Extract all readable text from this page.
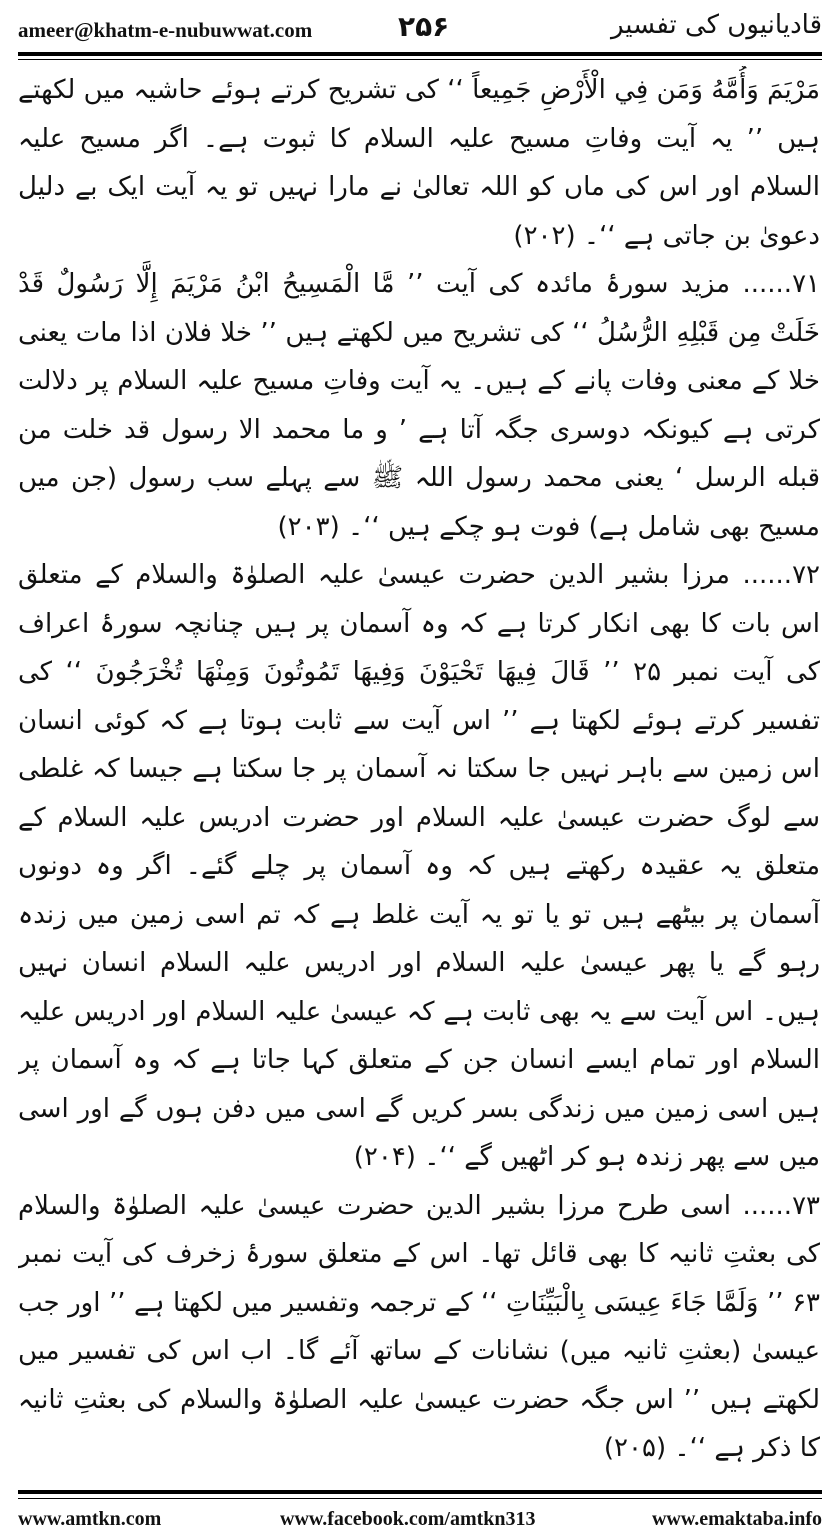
ameer@khatm-e-nubuwwat.com	۲۵۶	قادیانیوں کی تفسیر

مَرْيَمَ وَأُمَّهُ وَمَن فِي الْأَرْضِ جَمِيعاً ‘‘ کی تشریح کرتے ہوئے حاشیہ میں لکھتے ہیں ’’ یہ آیت وفاتِ مسیح علیہ السلام کا ثبوت ہے۔ اگر مسیح علیہ السلام اور اس کی ماں کو اللہ تعالیٰ نے مارا نہیں تو یہ آیت ایک بے دلیل دعویٰ بن جاتی ہے ‘‘۔ (۲۰۲)

۷۱...... مزید سورۂ مائدہ کی آیت ’’ مَّا الْمَسِيحُ ابْنُ مَرْيَمَ إِلَّا رَسُولٌ قَدْ خَلَتْ مِن قَبْلِهِ الرُّسُلُ ‘‘ کی تشریح میں لکھتے ہیں ’’ خلا فلان اذا مات یعنی خلا کے معنی وفات پانے کے ہیں۔ یہ آیت وفاتِ مسیح علیہ السلام پر دلالت کرتی ہے کیونکہ دوسری جگہ آتا ہے ’ و ما محمد الا رسول قد خلت من قبله الرسل ‘ یعنی محمد رسول اللہ ﷺ سے پہلے سب رسول (جن میں مسیح بھی شامل ہے) فوت ہو چکے ہیں ‘‘۔ (۲۰۳)

۷۲...... مرزا بشیر الدین حضرت عیسیٰ علیہ الصلوٰۃ والسلام کے متعلق اس بات کا بھی انکار کرتا ہے کہ وہ آسمان پر ہیں چنانچہ سورۂ اعراف کی آیت نمبر ۲۵ ’’ قَالَ فِيهَا تَحْيَوْنَ وَفِيهَا تَمُوتُونَ وَمِنْهَا تُخْرَجُونَ ‘‘ کی تفسیر کرتے ہوئے لکھتا ہے ’’ اس آیت سے ثابت ہوتا ہے کہ کوئی انسان اس زمین سے باہر نہیں جا سکتا نہ آسمان پر جا سکتا ہے جیسا کہ غلطی سے لوگ حضرت عیسیٰ علیہ السلام اور حضرت ادریس علیہ السلام کے متعلق یہ عقیدہ رکھتے ہیں کہ وہ آسمان پر چلے گئے۔ اگر وہ دونوں آسمان پر بیٹھے ہیں تو یا تو یہ آیت غلط ہے کہ تم اسی زمین میں زندہ رہو گے یا پھر عیسیٰ علیہ السلام اور ادریس علیہ السلام انسان نہیں ہیں۔ اس آیت سے یہ بھی ثابت ہے کہ عیسیٰ علیہ السلام اور ادریس علیہ السلام اور تمام ایسے انسان جن کے متعلق کہا جاتا ہے کہ وہ آسمان پر ہیں اسی زمین میں زندگی بسر کریں گے اسی میں دفن ہوں گے اور اسی میں سے پھر زندہ ہو کر اٹھیں گے ‘‘۔ (۲۰۴)

۷۳...... اسی طرح مرزا بشیر الدین حضرت عیسیٰ علیہ الصلوٰۃ والسلام کی بعثتِ ثانیہ کا بھی قائل تھا۔ اس کے متعلق سورۂ زخرف کی آیت نمبر ۶۳ ’’ وَلَمَّا جَاءَ عِيسَى بِالْبَيِّنَاتِ ‘‘ کے ترجمہ وتفسیر میں لکھتا ہے ’’ اور جب عیسیٰ (بعثتِ ثانیہ میں) نشانات کے ساتھ آئے گا۔ اب اس کی تفسیر میں لکھتے ہیں ’’ اس جگہ حضرت عیسیٰ علیہ الصلوٰۃ والسلام کی بعثتِ ثانیہ کا ذکر ہے ‘‘۔ (۲۰۵)

www.amtkn.com	www.facebook.com/amtkn313	www.emaktaba.info
